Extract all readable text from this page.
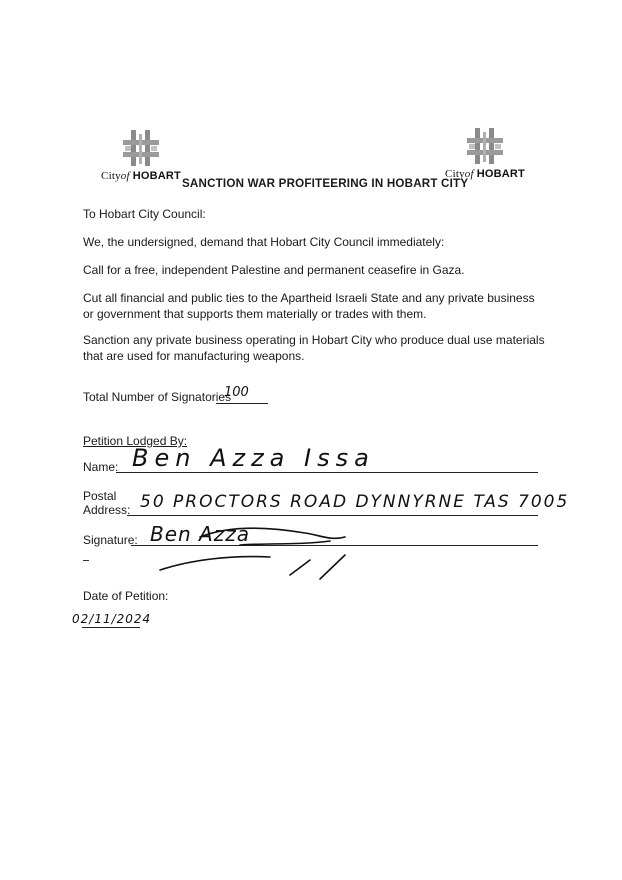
Cityof HOBART	Cityof HOBART
SANCTION WAR PROFITEERING IN HOBART CITY
To Hobart City Council:
We, the undersigned, demand that Hobart City Council immediately:
Call for a free, independent Palestine and permanent ceasefire in Gaza.
Cut all financial and public ties to the Apartheid Israeli State and any private business or government that supports them materially or trades with them.
Sanction any private business operating in Hobart City who produce dual use materials that are used for manufacturing weapons.
Total Number of Signatories
100
Petition Lodged By:
Name: Ben Azza Issa
Postal
Address: 50 PROCTORS ROAD DYNNYRNE TAS 7005
Signature: Ben Azza
Date of Petition:
02/11/2024
